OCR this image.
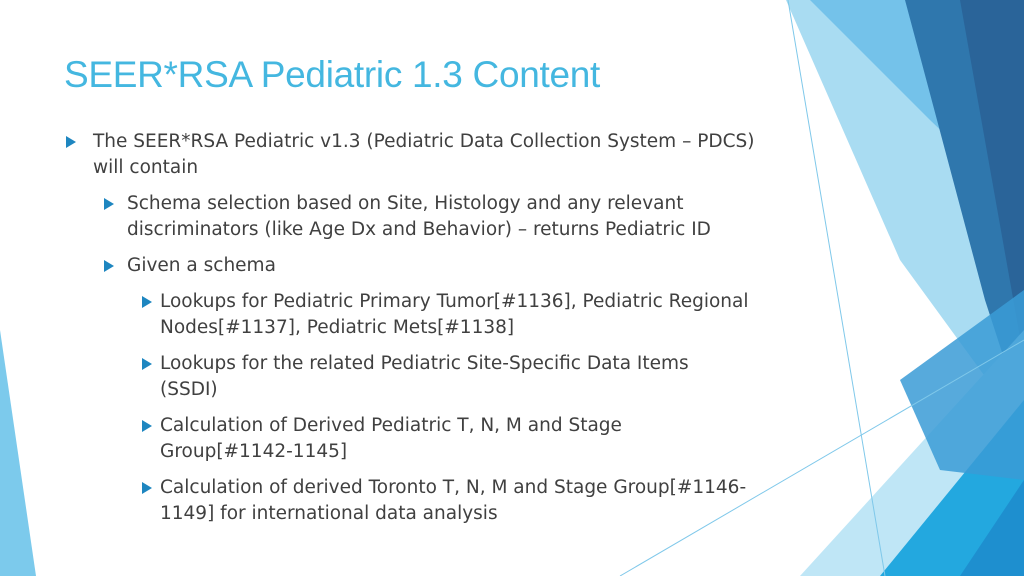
SEER*RSA Pediatric 1.3 Content
The SEER*RSA Pediatric v1.3 (Pediatric Data Collection System – PDCS) will contain
Schema selection based on Site, Histology and any relevant discriminators (like Age Dx and Behavior) – returns Pediatric ID
Given a schema
Lookups for Pediatric Primary Tumor[#1136], Pediatric Regional Nodes[#1137], Pediatric Mets[#1138]
Lookups for the related Pediatric Site-Specific Data Items (SSDI)
Calculation of Derived Pediatric T, N, M and Stage Group[#1142-1145]
Calculation of derived Toronto T, N, M and Stage Group[#1146-1149] for international data analysis
